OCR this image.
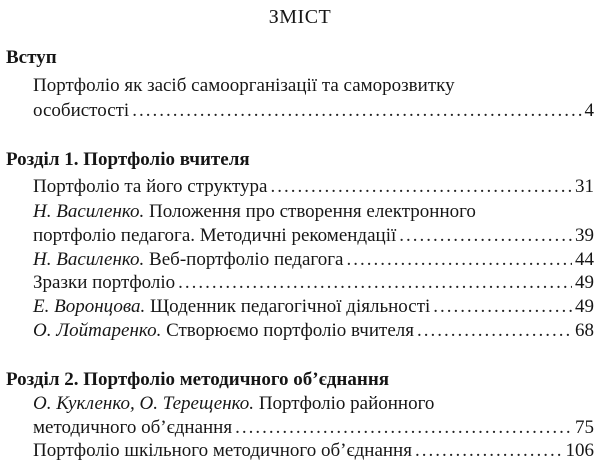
ЗМІСТ
Вступ
Портфоліо як засіб самоорганізації та саморозвитку
особистості .....	4
Розділ 1. Портфоліо вчителя
Портфоліо та його структура .....	31
Н. Василенко. Положення про створення електронного
портфоліо педагога. Методичні рекомендації .....	39
Н. Василенко. Веб-портфоліо педагога .....	44
Зразки портфоліо .....	49
Е. Воронцова. Щоденник педагогічної діяльності .....	49
О. Лойтаренко. Створюємо портфоліо вчителя .....	68
Розділ 2. Портфоліо методичного об’єднання
О. Кукленко, О. Терещенко. Портфоліо районного
методичного об’єднання .....	75
Портфоліо шкільного методичного об’єднання .....	106
